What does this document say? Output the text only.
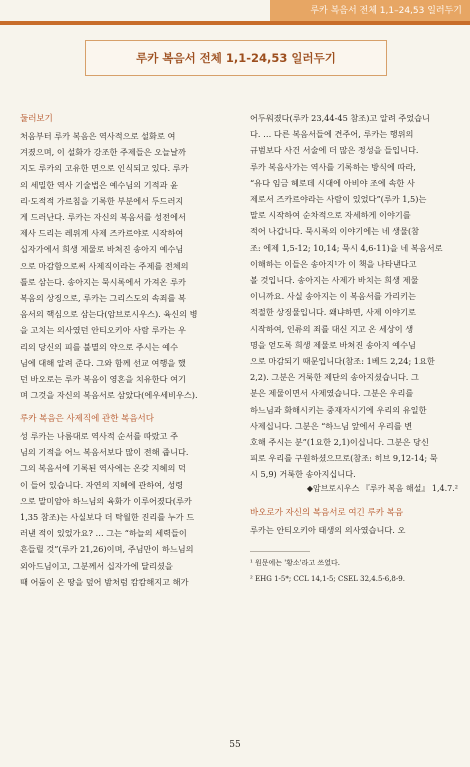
루카 복음서 전체 1,1–24,53 일러두기
루카 복음서 전체 1,1-24,53 일러두기
둘러보기
처음부터 루카 복음은 역사적으로 설화로 여
겨졌으며, 이 설화가 강조한 주제들은 오늘날까
지도 루카의 고유한 면으로 인식되고 있다. 루카
의 세밀한 역사 기술법은 예수님의 기적과 윤
리·도적적 가르침을 기록한 부분에서 두드러지
게 드러난다. 루카는 자신의 복음서를 성전에서
제사 드리는 레위계 사제 즈카르야로 시작하여
십자가에서 희생 제물로 바쳐진 송아지 예수님
으로 마감함으로써 사제직이라는 주제를 전체의
틀로 삼는다. 송아지는 묵시록에서 가져온 루카
복음의 상징으로, 루카는 그리스도의 속죄를 복
음서의 핵심으로 삼는다(암브로시우스). 육신의 병
을 고치는 의사였던 안티오키아 사람 루카는 우
리의 당신의 피를 불멸의 약으로 주시는 예수
님에 대해 알려 준다. 그와 함께 선교 여행을 했
던 바오로는 루카 복음이 영혼을 치유한다 여기
며 그것을 자신의 복음서로 삼았다(에우세비우스).
루카 복음은 사제직에 관한 복음서다
성 루카는 나름대로 역사적 순서를 따랐고 주
님의 기적을 어느 복음서보다 많이 전해 줍니다.
그의 복음서에 기록된 역사에는 온갖 지혜의 덕
이 들어 있습니다. 자연의 지혜에 관하여, 성령
으로 말미암아 하느님의 육화가 이루어졌다(루카
1,35 참조)는 사실보다 더 탁월한 진리를 누가 드
러낸 적이 있었가요? … 그는 “하늘의 세력들이
흔들릴 것”(루카 21,26)이며, 주님만이 하느님의
외아드님이고, 그분께서 십자가에 달리셨을
때 어둠이 온 땅을 덮어 밤처럼 캄캄해지고 해가
어두워졌다(루카 23,44-45 참조)고 알려 주었습니
다. … 다른 복음서들에 견주어, 루카는 행위의
규범보다 사건 서술에 더 많은 정성을 들입니다.
루카 복음사가는 역사를 기록하는 방식에 따라,
“유다 임금 헤로데 시대에 아비야 조에 속한 사
제로서 즈카르야라는 사람이 있었다”(루카 1,5)는
말로 시작하여 순차적으로 자세하게 이야기를
적어 나갑니다. 묵시록의 이야기에는 네 생물(참
조: 에제 1,5-12; 10,14; 묵시 4,6-11)을 네 복음서로
이해하는 이들은 송아지¹가 이 책을 나타낸다고
볼 것입니다. 송아지는 사제가 바치는 희생 제물
이니까요. 사실 송아지는 이 복음서를 가리키는
적절한 상징물입니다. 왜냐하면, 사제 이야기로
시작하여, 인류의 죄를 대신 지고 온 세상이 생
명을 얻도록 희생 제물로 바쳐진 송아지 예수님
으로 마감되기 때문입니다(참조: 1베드 2,24; 1요한
2,2). 그분은 거룩한 제단의 송아지셨습니다. 그
분은 제물이면서 사제였습니다. 그분은 우리를
하느님과 화해시키는 중재자시기에 우리의 유일한
사제십니다. 그분은 “하느님 앞에서 우리를 변
호해 주시는 분”(1요한 2,1)이십니다. 그분은 당신
피로 우리를 구원하셨으므로(참조: 히브 9,12-14; 묵
시 5,9) 거룩한 송아지십니다.
◆암브로시우스 『루카 복음 해설』 1,4.7.²
바오로가 자신의 복음서로 여긴 루카 복음
루카는 안티오키아 태생의 의사였습니다. 오
¹ 원문에는 '황소'라고 쓰였다.
² EHG 1-5*; CCL 14,1-5; CSEL 32,4.5-6,8-9.
55
